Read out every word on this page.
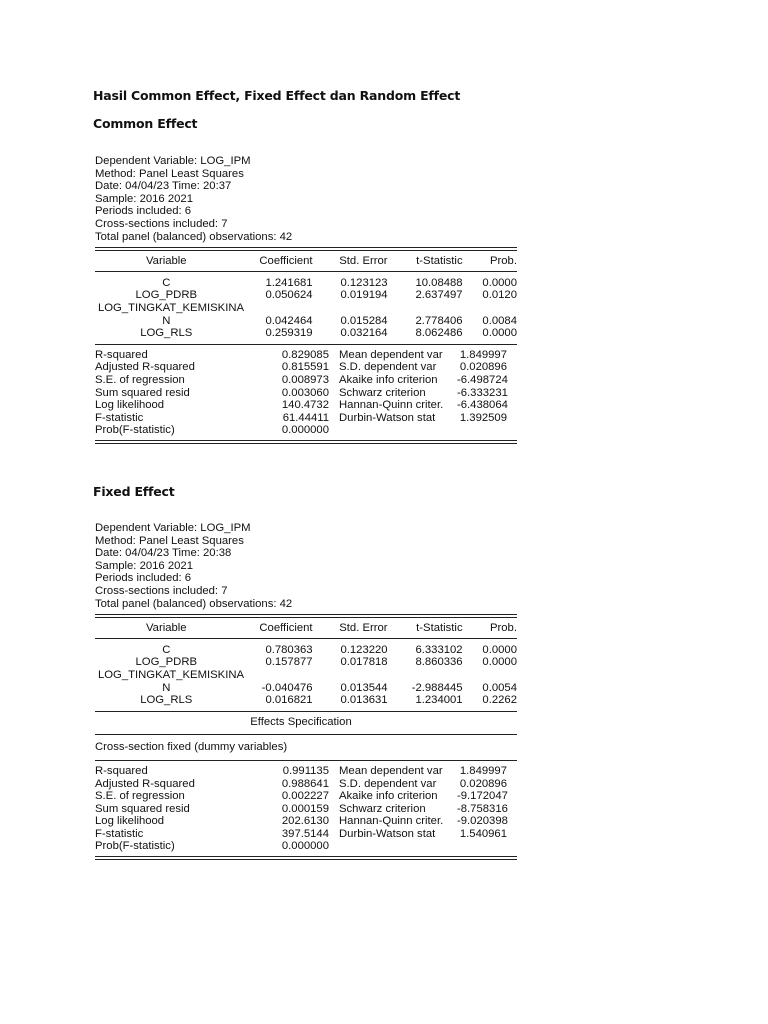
Hasil Common Effect, Fixed Effect dan Random Effect
Common Effect
Dependent Variable: LOG_IPM
Method: Panel Least Squares
Date: 04/04/23 Time: 20:37
Sample: 2016 2021
Periods included: 6
Cross-sections included: 7
Total panel (balanced) observations: 42
Variable	Coefficient	Std. Error	t-Statistic	Prob.
C	1.241681	0.123123	10.08488	0.0000
LOG_PDRB	0.050624	0.019194	2.637497	0.0120
LOG_TINGKAT_KEMISKINA
N	0.042464	0.015284	2.778406	0.0084
LOG_RLS	0.259319	0.032164	8.062486	0.0000
R-squared	0.829085 Mean dependent var	1.849997
Adjusted R-squared	0.815591 S.D. dependent var	0.020896
S.E. of regression	0.008973 Akaike info criterion	-6.498724
Sum squared resid	0.003060 Schwarz criterion	-6.333231
Log likelihood	140.4732 Hannan-Quinn criter.	-6.438064
F-statistic	61.44411 Durbin-Watson stat	1.392509
Prob(F-statistic)	0.000000
Fixed Effect
Dependent Variable: LOG_IPM
Method: Panel Least Squares
Date: 04/04/23 Time: 20:38
Sample: 2016 2021
Periods included: 6
Cross-sections included: 7
Total panel (balanced) observations: 42
Variable	Coefficient	Std. Error	t-Statistic	Prob.
C	0.780363	0.123220	6.333102	0.0000
LOG_PDRB	0.157877	0.017818	8.860336	0.0000
LOG_TINGKAT_KEMISKINA
N	-0.040476	0.013544	-2.988445	0.0054
LOG_RLS	0.016821	0.013631	1.234001	0.2262
Effects Specification
Cross-section fixed (dummy variables)
R-squared	0.991135 Mean dependent var	1.849997
Adjusted R-squared	0.988641 S.D. dependent var	0.020896
S.E. of regression	0.002227 Akaike info criterion	-9.172047
Sum squared resid	0.000159 Schwarz criterion	-8.758316
Log likelihood	202.6130 Hannan-Quinn criter.	-9.020398
F-statistic	397.5144 Durbin-Watson stat	1.540961
Prob(F-statistic)	0.000000
